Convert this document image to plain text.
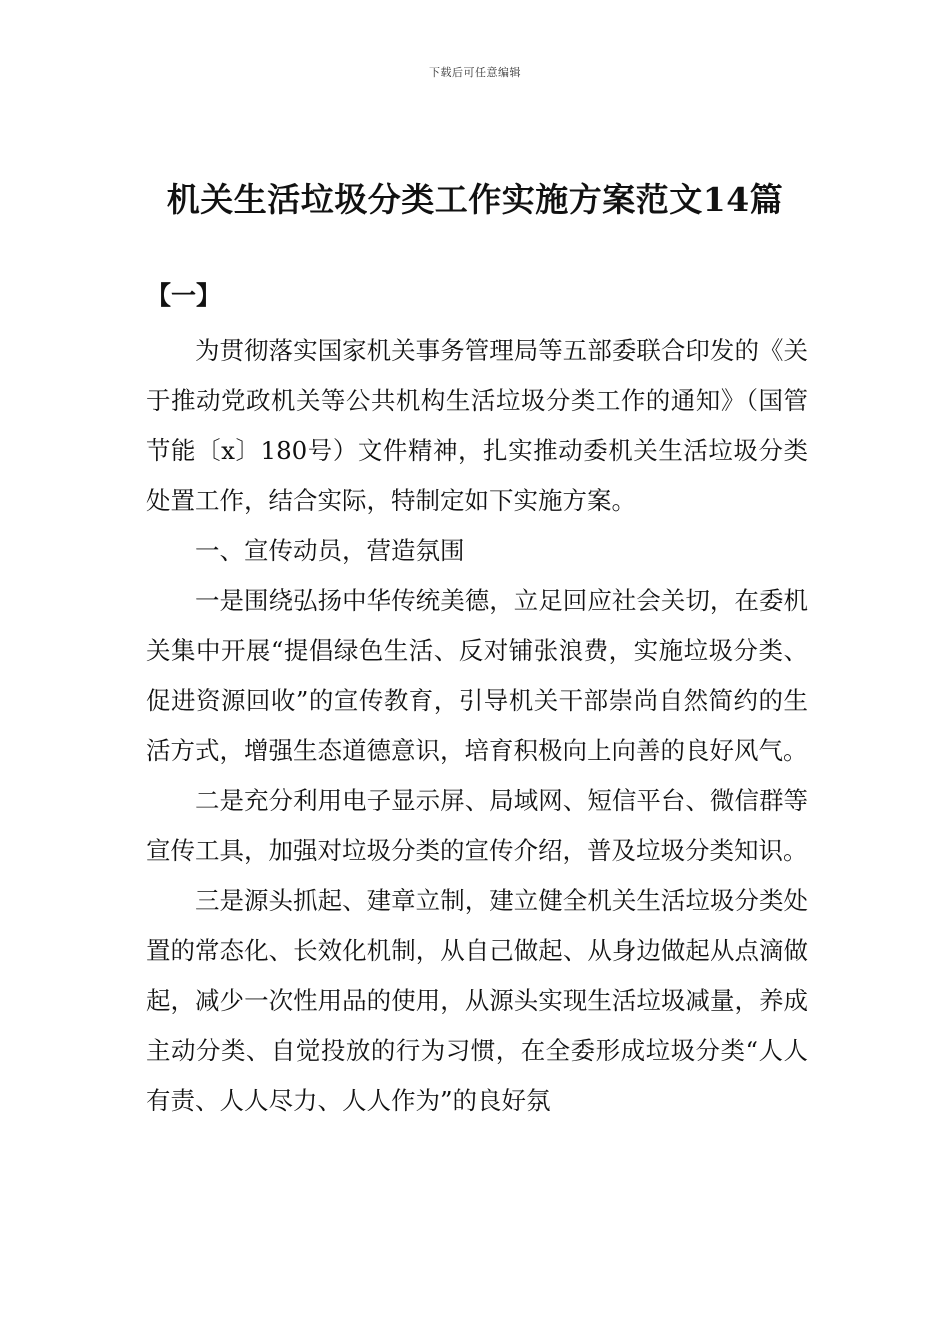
下载后可任意编辑
机关生活垃圾分类工作实施方案范文14篇
【一】

为贯彻落实国家机关事务管理局等五部委联合印发的《关于推动党政机关等公共机构生活垃圾分类工作的通知》（国管节能〔x〕180号）文件精神，扎实推动委机关生活垃圾分类处置工作，结合实际，特制定如下实施方案。

一、宣传动员，营造氛围

一是围绕弘扬中华传统美德，立足回应社会关切，在委机关集中开展“提倡绿色生活、反对铺张浪费，实施垃圾分类、促进资源回收”的宣传教育，引导机关干部崇尚自然简约的生活方式，增强生态道德意识，培育积极向上向善的良好风气。

二是充分利用电子显示屏、局域网、短信平台、微信群等宣传工具，加强对垃圾分类的宣传介绍，普及垃圾分类知识。

三是源头抓起、建章立制，建立健全机关生活垃圾分类处置的常态化、长效化机制，从自己做起、从身边做起从点滴做起，减少一次性用品的使用，从源头实现生活垃圾减量，养成主动分类、自觉投放的行为习惯，在全委形成垃圾分类“人人有责、人人尽力、人人作为”的良好氛
